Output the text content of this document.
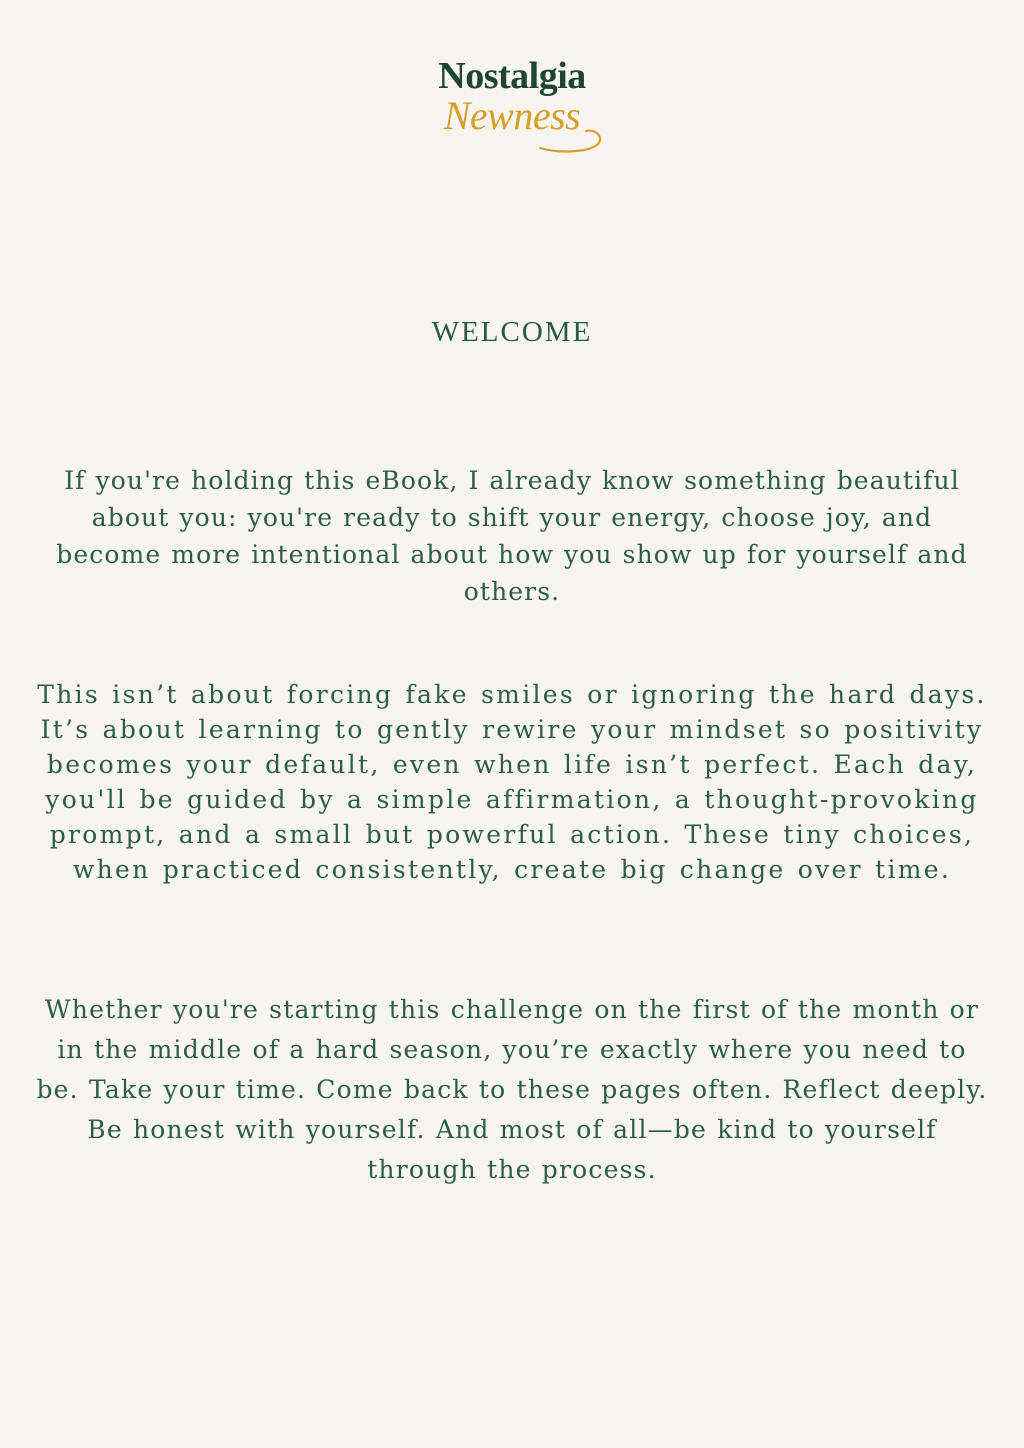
Nostalgia
Newness
WELCOME

If you're holding this eBook, I already know something beautiful about you: you're ready to shift your energy, choose joy, and become more intentional about how you show up for yourself and others.

This isn’t about forcing fake smiles or ignoring the hard days. It’s about learning to gently rewire your mindset so positivity becomes your default, even when life isn’t perfect. Each day, you'll be guided by a simple affirmation, a thought-provoking prompt, and a small but powerful action. These tiny choices, when practiced consistently, create big change over time.

Whether you're starting this challenge on the first of the month or in the middle of a hard season, you’re exactly where you need to be. Take your time. Come back to these pages often. Reflect deeply. Be honest with yourself. And most of all—be kind to yourself through the process.
